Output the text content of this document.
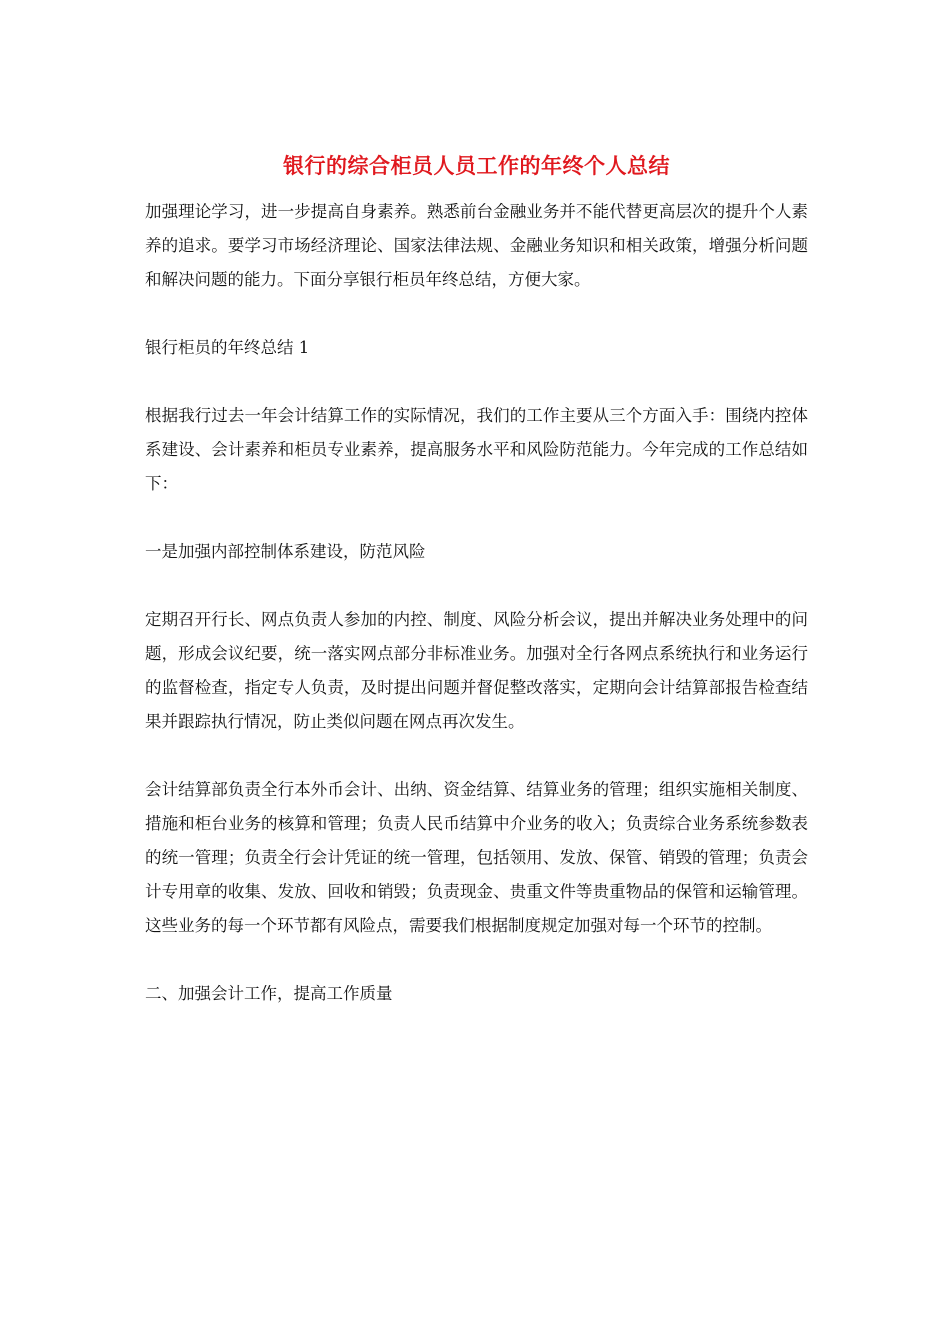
银行的综合柜员人员工作的年终个人总结

加强理论学习，进一步提高自身素养。熟悉前台金融业务并不能代替更高层次的提升个人素养的追求。要学习市场经济理论、国家法律法规、金融业务知识和相关政策，增强分析问题和解决问题的能力。下面分享银行柜员年终总结，方便大家。

银行柜员的年终总结 1

根据我行过去一年会计结算工作的实际情况，我们的工作主要从三个方面入手：围绕内控体系建设、会计素养和柜员专业素养，提高服务水平和风险防范能力。今年完成的工作总结如下：

一是加强内部控制体系建设，防范风险

定期召开行长、网点负责人参加的内控、制度、风险分析会议，提出并解决业务处理中的问题，形成会议纪要，统一落实网点部分非标准业务。加强对全行各网点系统执行和业务运行的监督检查，指定专人负责，及时提出问题并督促整改落实，定期向会计结算部报告检查结果并跟踪执行情况，防止类似问题在网点再次发生。

会计结算部负责全行本外币会计、出纳、资金结算、结算业务的管理；组织实施相关制度、措施和柜台业务的核算和管理；负责人民币结算中介业务的收入；负责综合业务系统参数表的统一管理；负责全行会计凭证的统一管理，包括领用、发放、保管、销毁的管理；负责会计专用章的收集、发放、回收和销毁；负责现金、贵重文件等贵重物品的保管和运输管理。这些业务的每一个环节都有风险点，需要我们根据制度规定加强对每一个环节的控制。

二、加强会计工作，提高工作质量
